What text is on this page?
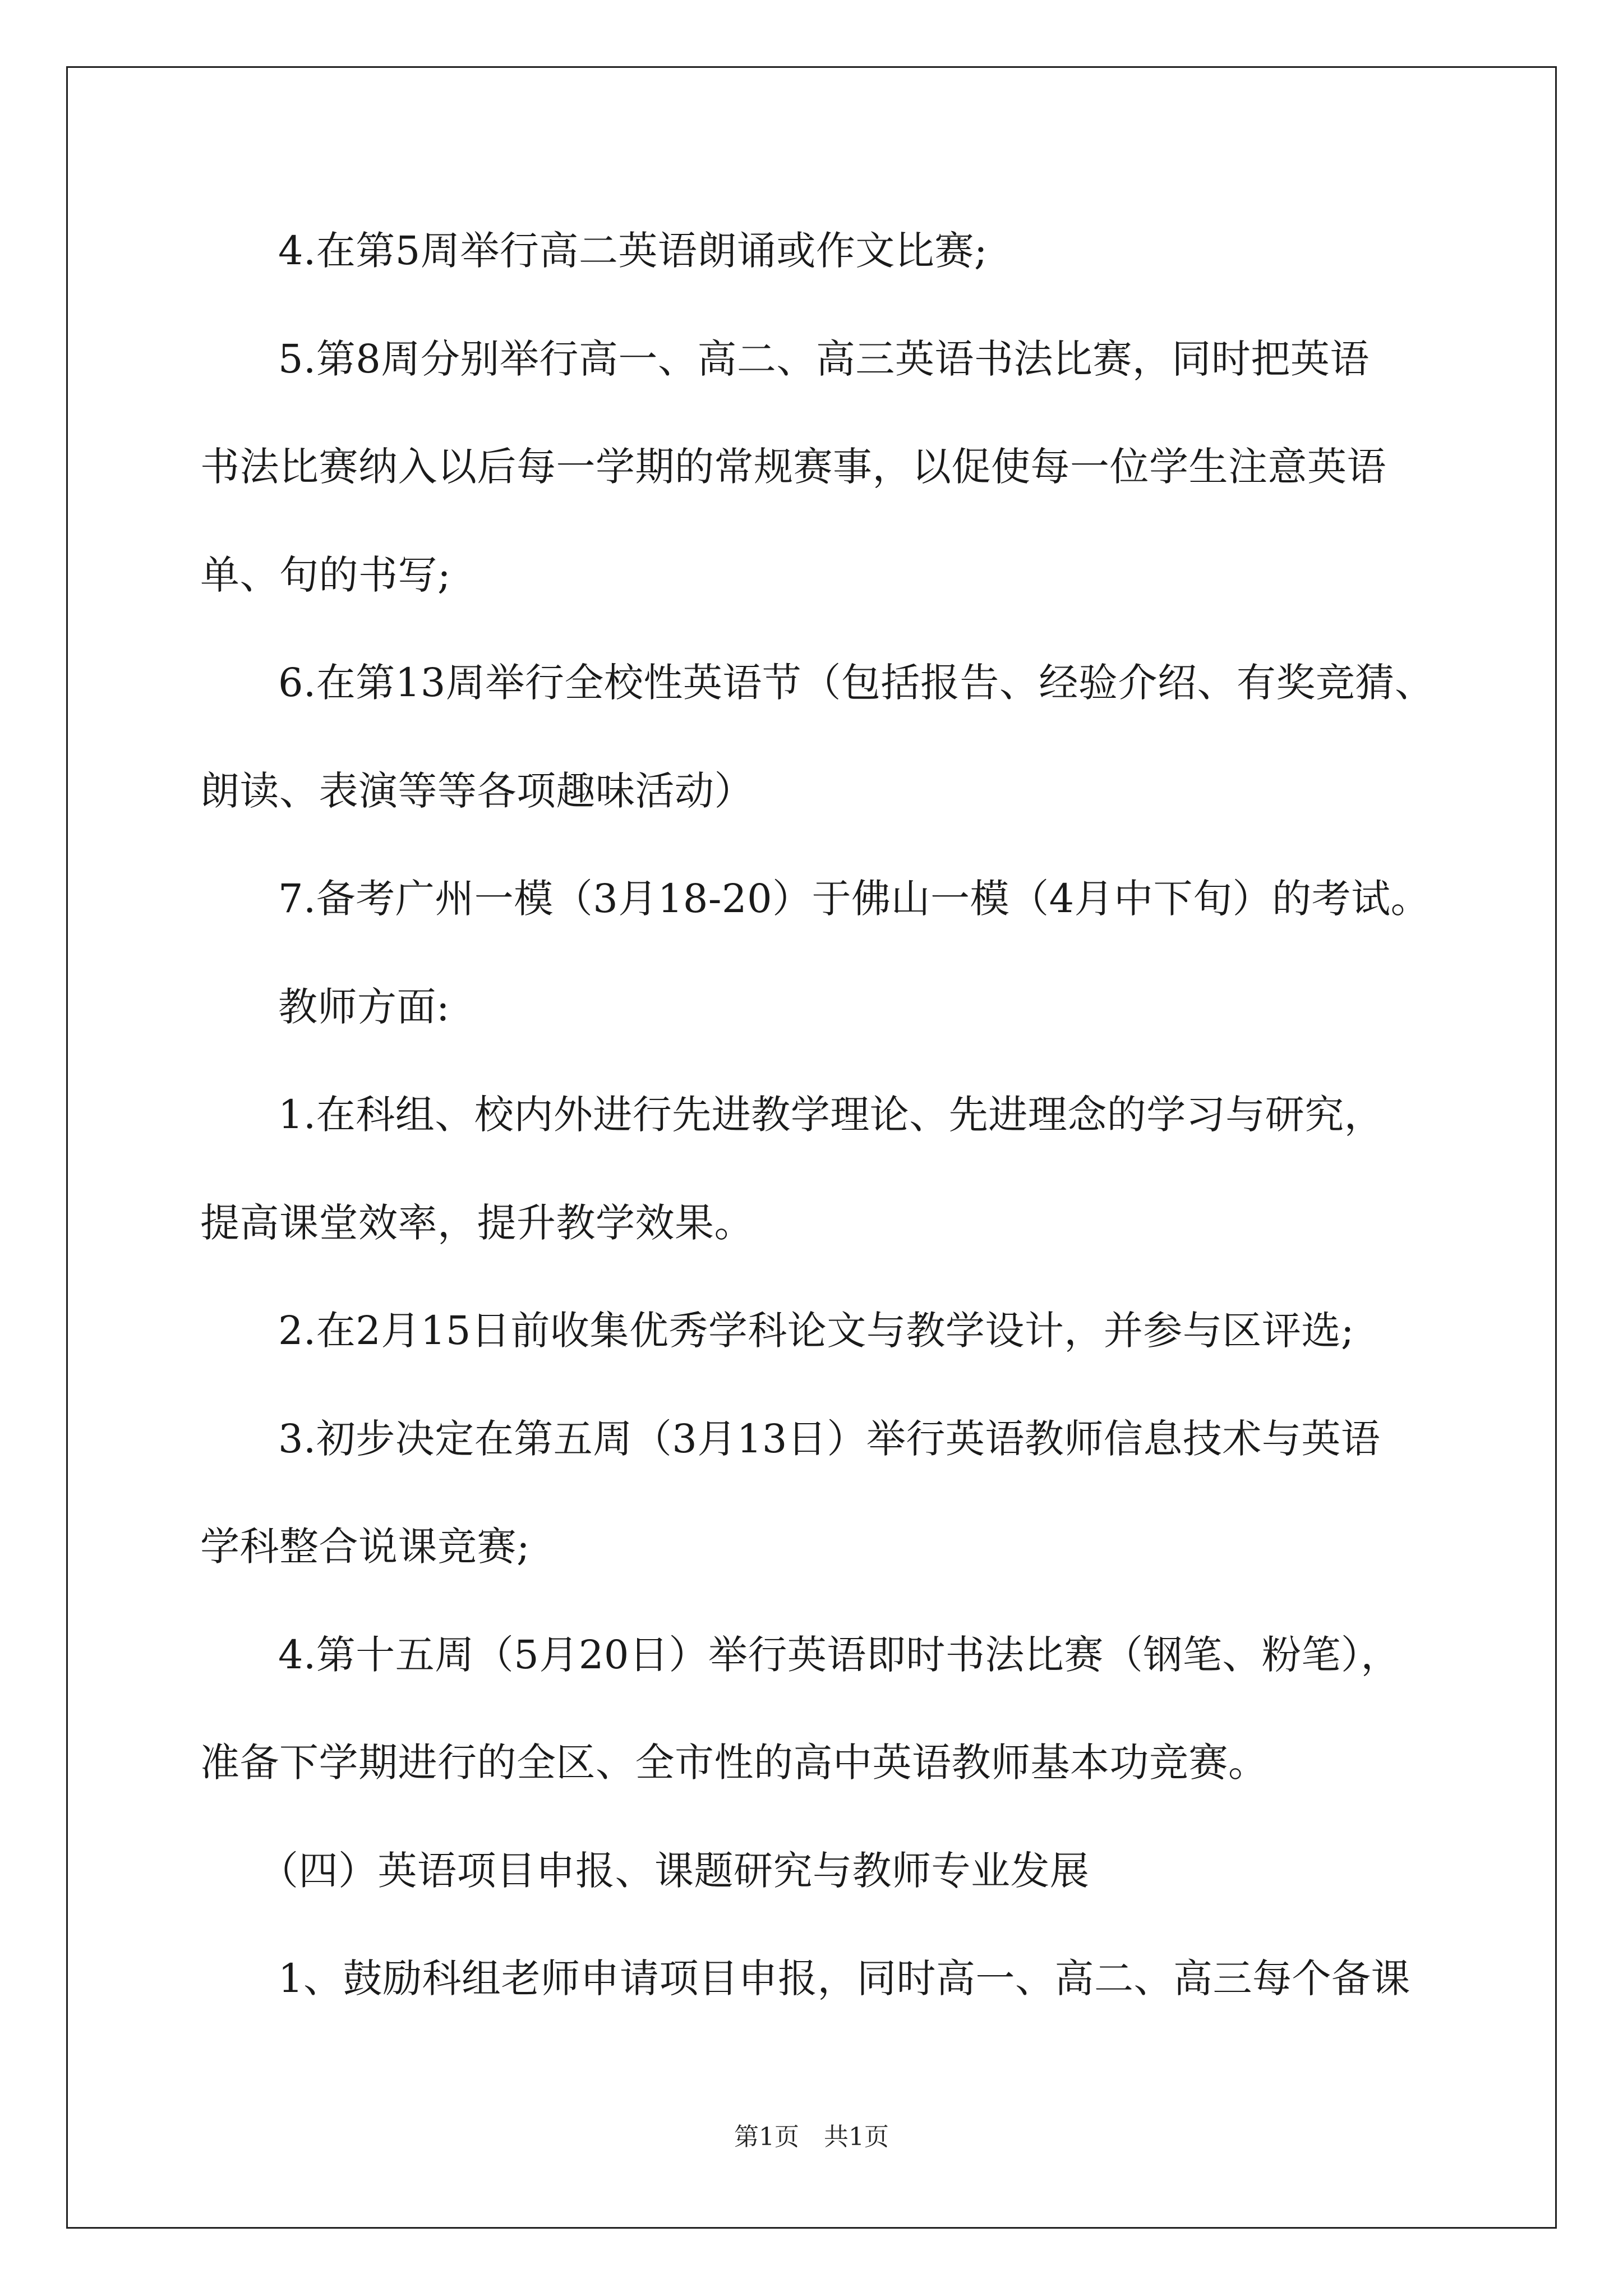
4.在第5周举行高二英语朗诵或作文比赛;
5.第8周分别举行高一、高二、高三英语书法比赛，同时把英语
书法比赛纳入以后每一学期的常规赛事，以促使每一位学生注意英语
单、句的书写;
6.在第13周举行全校性英语节（包括报告、经验介绍、有奖竞猜、
朗读、表演等等各项趣味活动）
7.备考广州一模（3月18-20）于佛山一模（4月中下旬）的考试。
教师方面:
1.在科组、校内外进行先进教学理论、先进理念的学习与研究，
提高课堂效率，提升教学效果。
2.在2月15日前收集优秀学科论文与教学设计，并参与区评选;
3.初步决定在第五周（3月13日）举行英语教师信息技术与英语
学科整合说课竞赛;
4.第十五周（5月20日）举行英语即时书法比赛（钢笔、粉笔），
准备下学期进行的全区、全市性的高中英语教师基本功竞赛。
（四）英语项目申报、课题研究与教师专业发展
1、鼓励科组老师申请项目申报，同时高一、高二、高三每个备课
第1页　共1页
